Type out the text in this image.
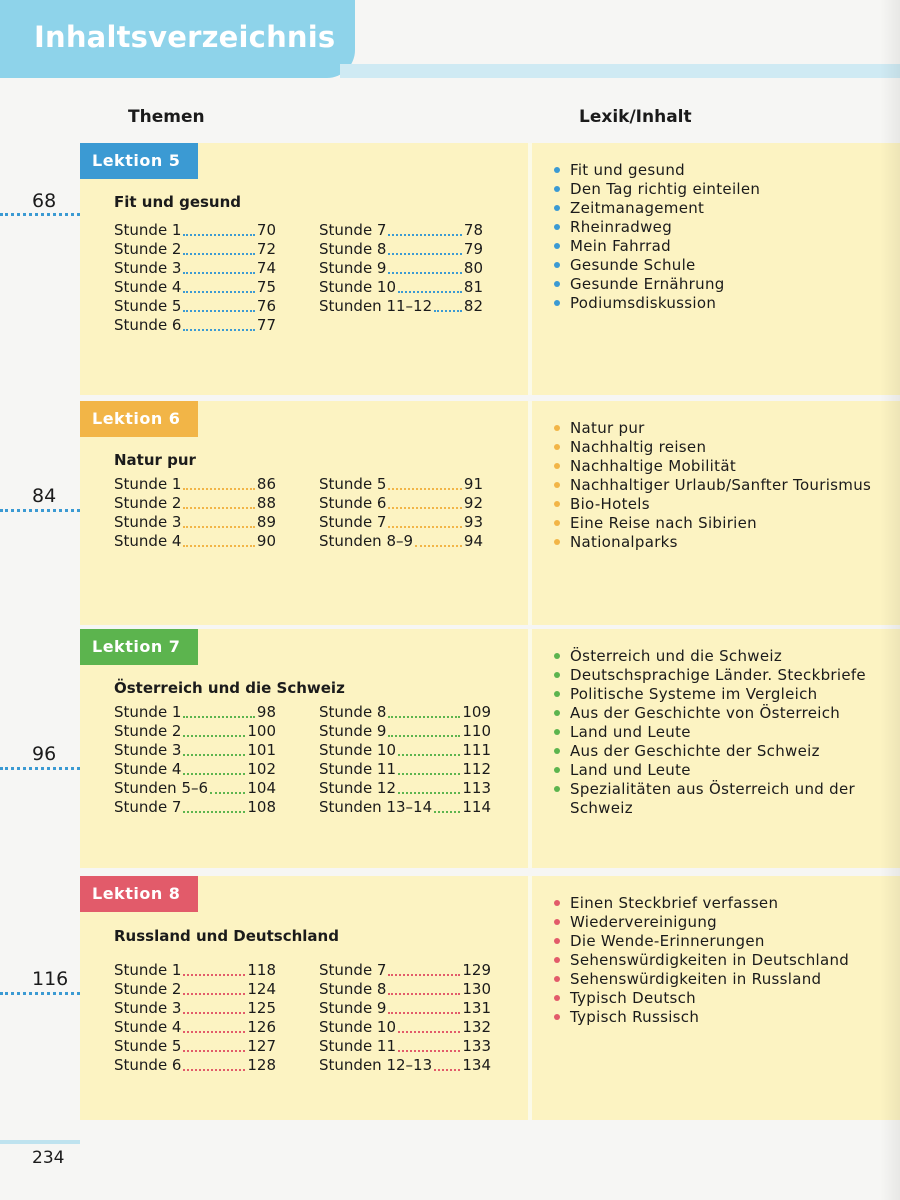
Inhaltsverzeichnis
Themen	Lexik/Inhalt
Lektion 5
Fit und gesund
Stunde 1	70
Stunde 2	72
Stunde 3	74
Stunde 4	75
Stunde 5	76
Stunde 6	77
Stunde 7	78
Stunde 8	79
Stunde 9	80
Stunde 10	81
Stunden 11–12 82
Fit und gesund
Den Tag richtig einteilen
Zeitmanagement
Rheinradweg
Mein Fahrrad
Gesunde Schule
Gesunde Ernährung
Podiumsdiskussion
Lektion 6
Natur pur
Stunde 1	86
Stunde 2	88
Stunde 3	89
Stunde 4	90
Stunde 5	91
Stunde 6	92
Stunde 7	93
Stunden 8–9	94
Natur pur
Nachhaltig reisen
Nachhaltige Mobilität
Nachhaltiger Urlaub/Sanfter Tourismus
Bio-Hotels
Eine Reise nach Sibirien
Nationalparks
Lektion 7
Österreich und die Schweiz
Stunde 1	98
Stunde 2	100
Stunde 3	101
Stunde 4	102
Stunden 5–6	104
Stunde 7	108
Stunde 8	109
Stunde 9	110
Stunde 10	111
Stunde 11	112
Stunde 12	113
Stunden 13–14 114
Österreich und die Schweiz
Deutschsprachige Länder. Steckbriefe
Politische Systeme im Vergleich
Aus der Geschichte von Österreich
Land und Leute
Aus der Geschichte der Schweiz
Land und Leute
Spezialitäten aus Österreich und der Schweiz
Lektion 8
Russland und Deutschland
Stunde 1	118
Stunde 2	124
Stunde 3	125
Stunde 4	126
Stunde 5	127
Stunde 6	128
Stunde 7	129
Stunde 8	130
Stunde 9	131
Stunde 10	132
Stunde 11	133
Stunden 12–13 134
Einen Steckbrief verfassen
Wiedervereinigung
Die Wende-Erinnerungen
Sehenswürdigkeiten in Deutschland
Sehenswürdigkeiten in Russland
Typisch Deutsch
Typisch Russisch
68
84
96
116
234
